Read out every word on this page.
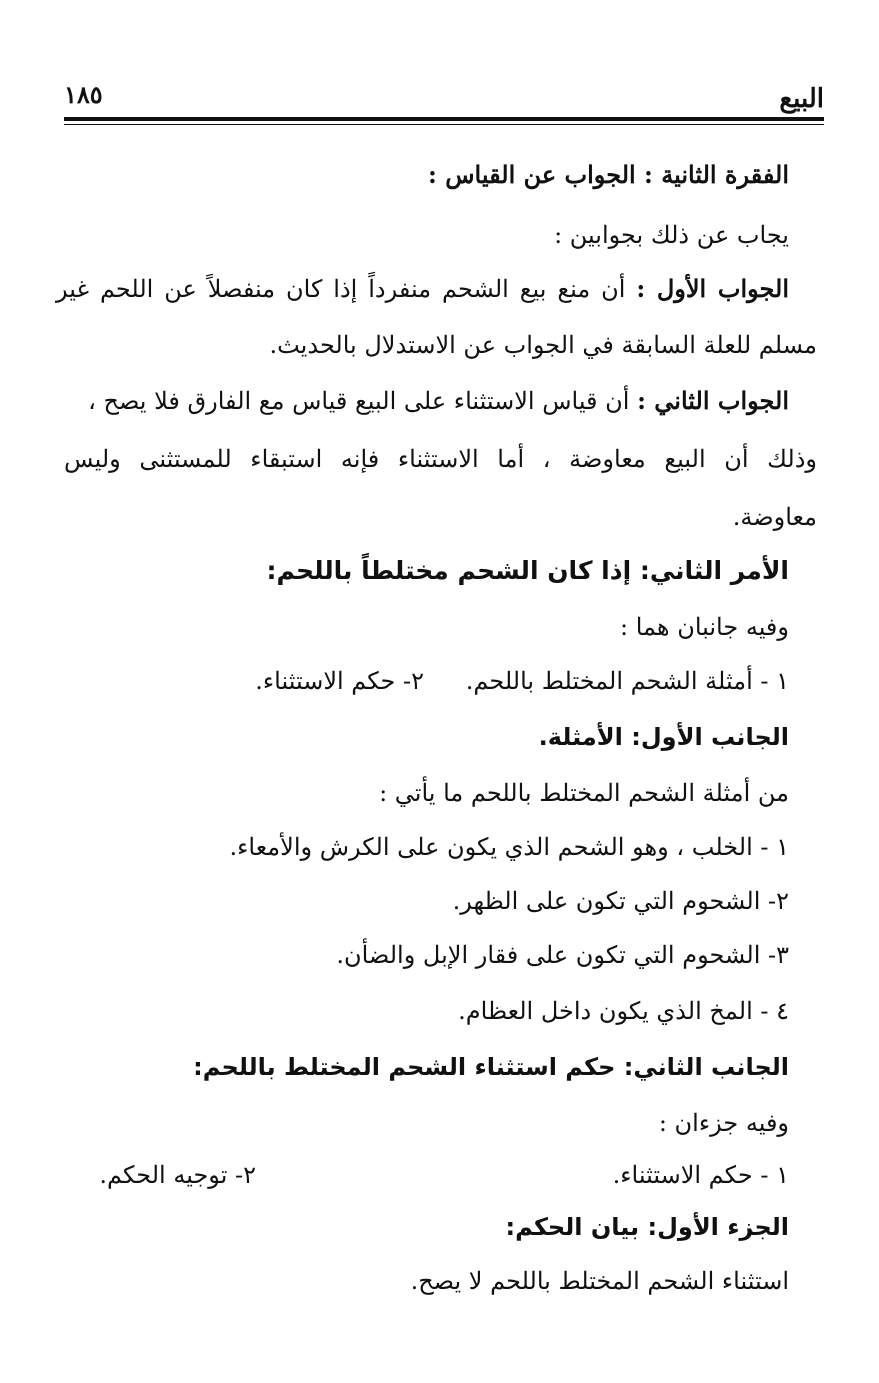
البيع
١٨٥
الفقرة الثانية : الجواب عن القياس :
يجاب عن ذلك بجوابين :
الجواب الأول : أن منع بيع الشحم منفرداً إذا كان منفصلاً عن اللحم غير
مسلم للعلة السابقة في الجواب عن الاستدلال بالحديث.
الجواب الثاني : أن قياس الاستثناء على البيع قياس مع الفارق فلا يصح ،
وذلك أن البيع معاوضة ، أما الاستثناء فإنه استبقاء للمستثنى وليس
معاوضة.
الأمر الثاني: إذا كان الشحم مختلطاً باللحم:
وفيه جانبان هما :
١ - أمثلة الشحم المختلط باللحم.
٢- حكم الاستثناء.
الجانب الأول: الأمثلة.
من أمثلة الشحم المختلط باللحم ما يأتي :
١ - الخلب ، وهو الشحم الذي يكون على الكرش والأمعاء.
٢- الشحوم التي تكون على الظهر.
٣- الشحوم التي تكون على فقار الإبل والضأن.
٤ - المخ الذي يكون داخل العظام.
الجانب الثاني: حكم استثناء الشحم المختلط باللحم:
وفيه جزءان :
١ - حكم الاستثناء.
٢- توجيه الحكم.
الجزء الأول: بيان الحكم:
استثناء الشحم المختلط باللحم لا يصح.
